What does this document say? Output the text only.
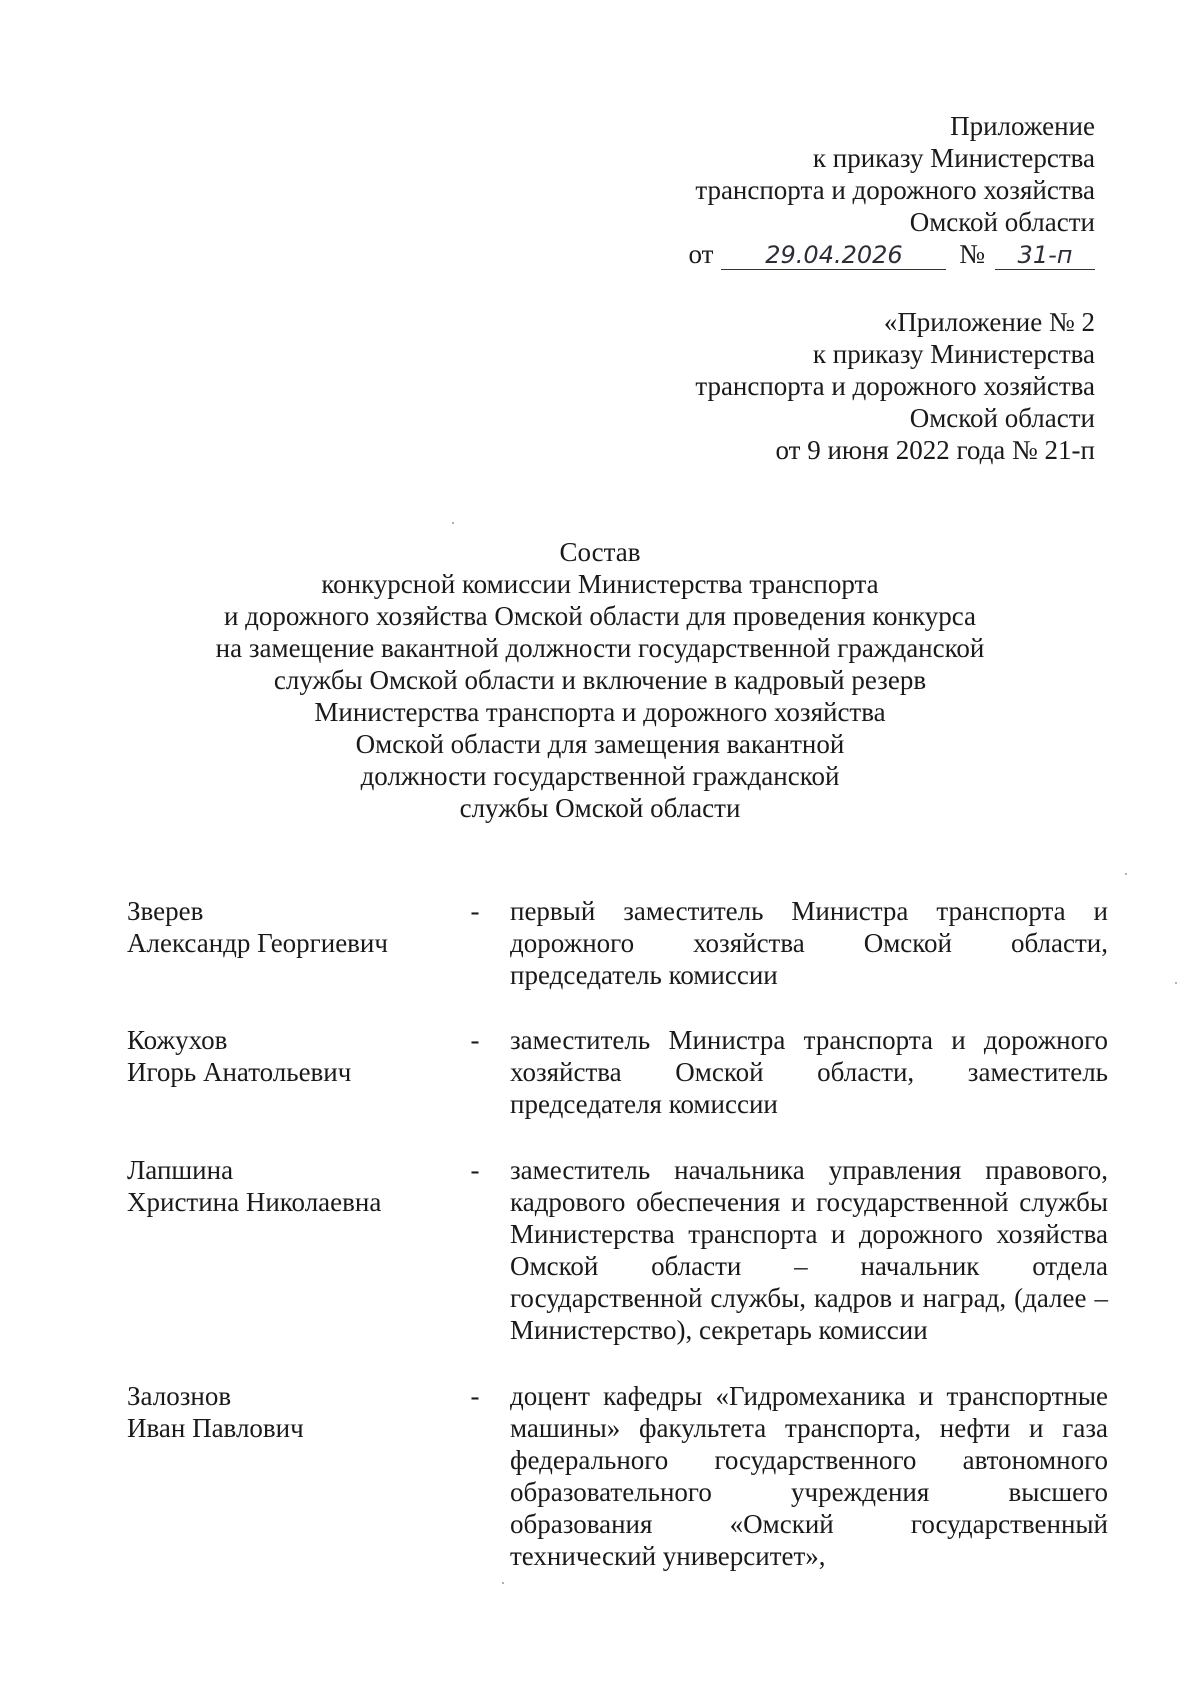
Приложение
к приказу Министерства
транспорта и дорожного хозяйства
Омской области
от 29.04.2026 № 31-п
«Приложение № 2
к приказу Министерства
транспорта и дорожного хозяйства
Омской области
от 9 июня 2022 года № 21-п
Состав
конкурсной комиссии Министерства транспорта
и дорожного хозяйства Омской области для проведения конкурса
на замещение вакантной должности государственной гражданской
службы Омской области и включение в кадровый резерв
Министерства транспорта и дорожного хозяйства
Омской области для замещения вакантной
должности государственной гражданской
службы Омской области
Зверев
Александр Георгиевич
- первый заместитель Министра транспорта и дорожного хозяйства Омской области, председатель комиссии
Кожухов
Игорь Анатольевич
- заместитель Министра транспорта и дорожного хозяйства Омской области, заместитель председателя комиссии
Лапшина
Христина Николаевна
- заместитель начальника управления правового, кадрового обеспечения и государственной службы Министерства транспорта и дорожного хозяйства Омской области – начальник отдела государственной службы, кадров и наград, (далее – Министерство), секретарь комиссии
Залознов
Иван Павлович
- доцент кафедры «Гидромеханика и транспортные машины» факультета транспорта, нефти и газа федерального государственного автономного образовательного учреждения высшего образования «Омский государственный технический университет»,
